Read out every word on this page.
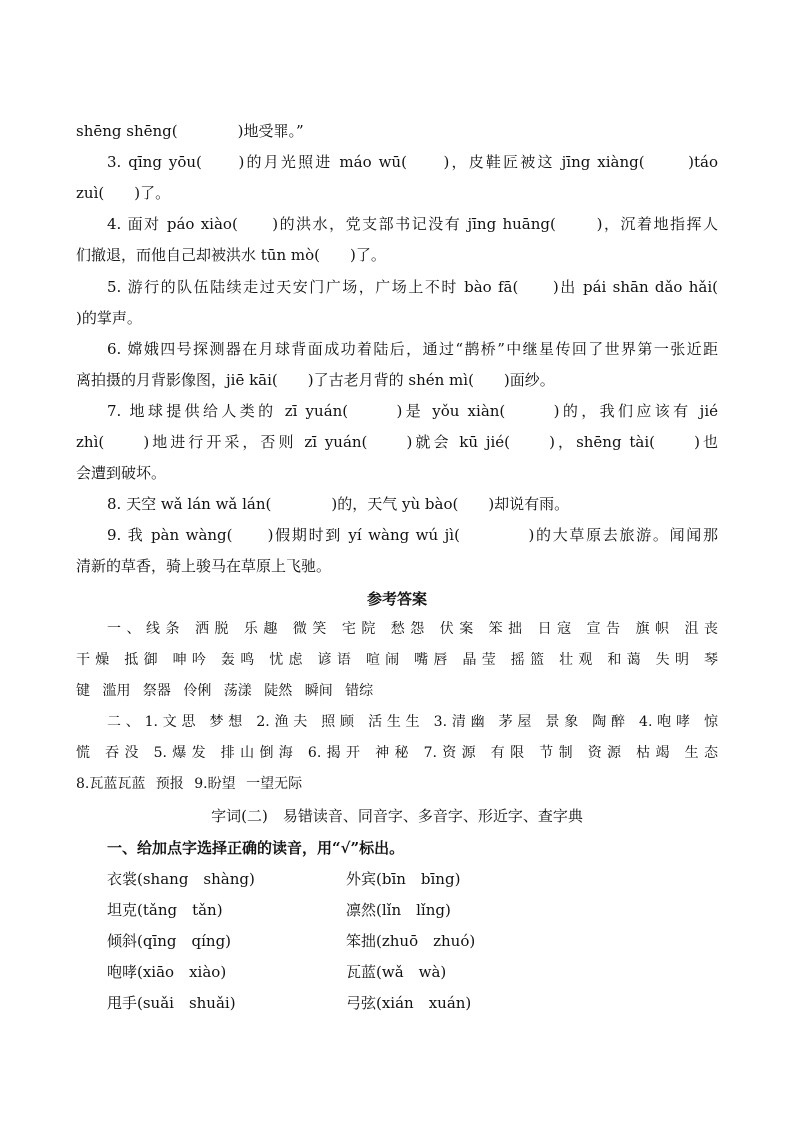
shēng shēng(　　　　)地受罪。”
3. qīng yōu(　　)的月光照进 máo wū(　　)，皮鞋匠被这 jīng xiàng(　　 )táo
zuì(　　)了。
4. 面对 páo xiào(　　)的洪水，党支部书记没有 jīng huāng(　　 )，沉着地指挥人
们撤退，而他自己却被洪水 tūn mò(　　)了。
5. 游行的队伍陆续走过天安门广场，广场上不时 bào fā(　　)出 pái shān dǎo hǎi(
)的掌声。
6. 嫦娥四号探测器在月球背面成功着陆后，通过“鹊桥”中继星传回了世界第一张近距
离拍摄的月背影像图，jiē kāi(　　)了古老月背的 shén mì(　　)面纱。
7. 地球提供给人类的 zī yuán(　　 )是 yǒu xiàn(　　 )的，我们应该有 jié
zhì(　　)地进行开采，否则 zī yuán(　　)就会 kū jié(　　)，shēng tài(　　)也
会遭到破坏。
8. 天空 wǎ lán wǎ lán(　　　　)的，天气 yù bào(　　)却说有雨。
9. 我 pàn wàng(　　)假期时到 yí wàng wú jì(　　　　)的大草原去旅游。闻闻那
清新的草香，骑上骏马在草原上飞驰。
参考答案
一、线条 洒脱 乐趣 微笑 宅院 愁怨 伏案 笨拙 日寇 宣告 旗帜 沮丧
干燥 抵御 呻吟 轰鸣 忧虑 谚语 喧闹 嘴唇 晶莹 摇篮 壮观 和蔼 失明 琴
键 滥用 祭器 伶俐 荡漾 陡然 瞬间 错综
二、1.文思 梦想 2.渔夫 照顾 活生生 3.清幽 茅屋 景象 陶醉 4.咆哮 惊
慌 吞没 5.爆发 排山倒海 6.揭开 神秘 7.资源 有限 节制 资源 枯竭 生态
8.瓦蓝瓦蓝 预报 9.盼望 一望无际
字词(二)　易错读音、同音字、多音字、形近字、查字典
一、给加点字选择正确的读音，用“√”标出。
衣裳(shang　shàng)	外宾(bīn　bīng)
坦克(tǎng　tǎn)	凛然(lǐn　lǐng)
倾斜(qīng　qíng)	笨拙(zhuō　zhuó)
咆哮(xiāo　xiào)	瓦蓝(wǎ　wà)
甩手(suǎi　shuǎi)	弓弦(xián　xuán)
